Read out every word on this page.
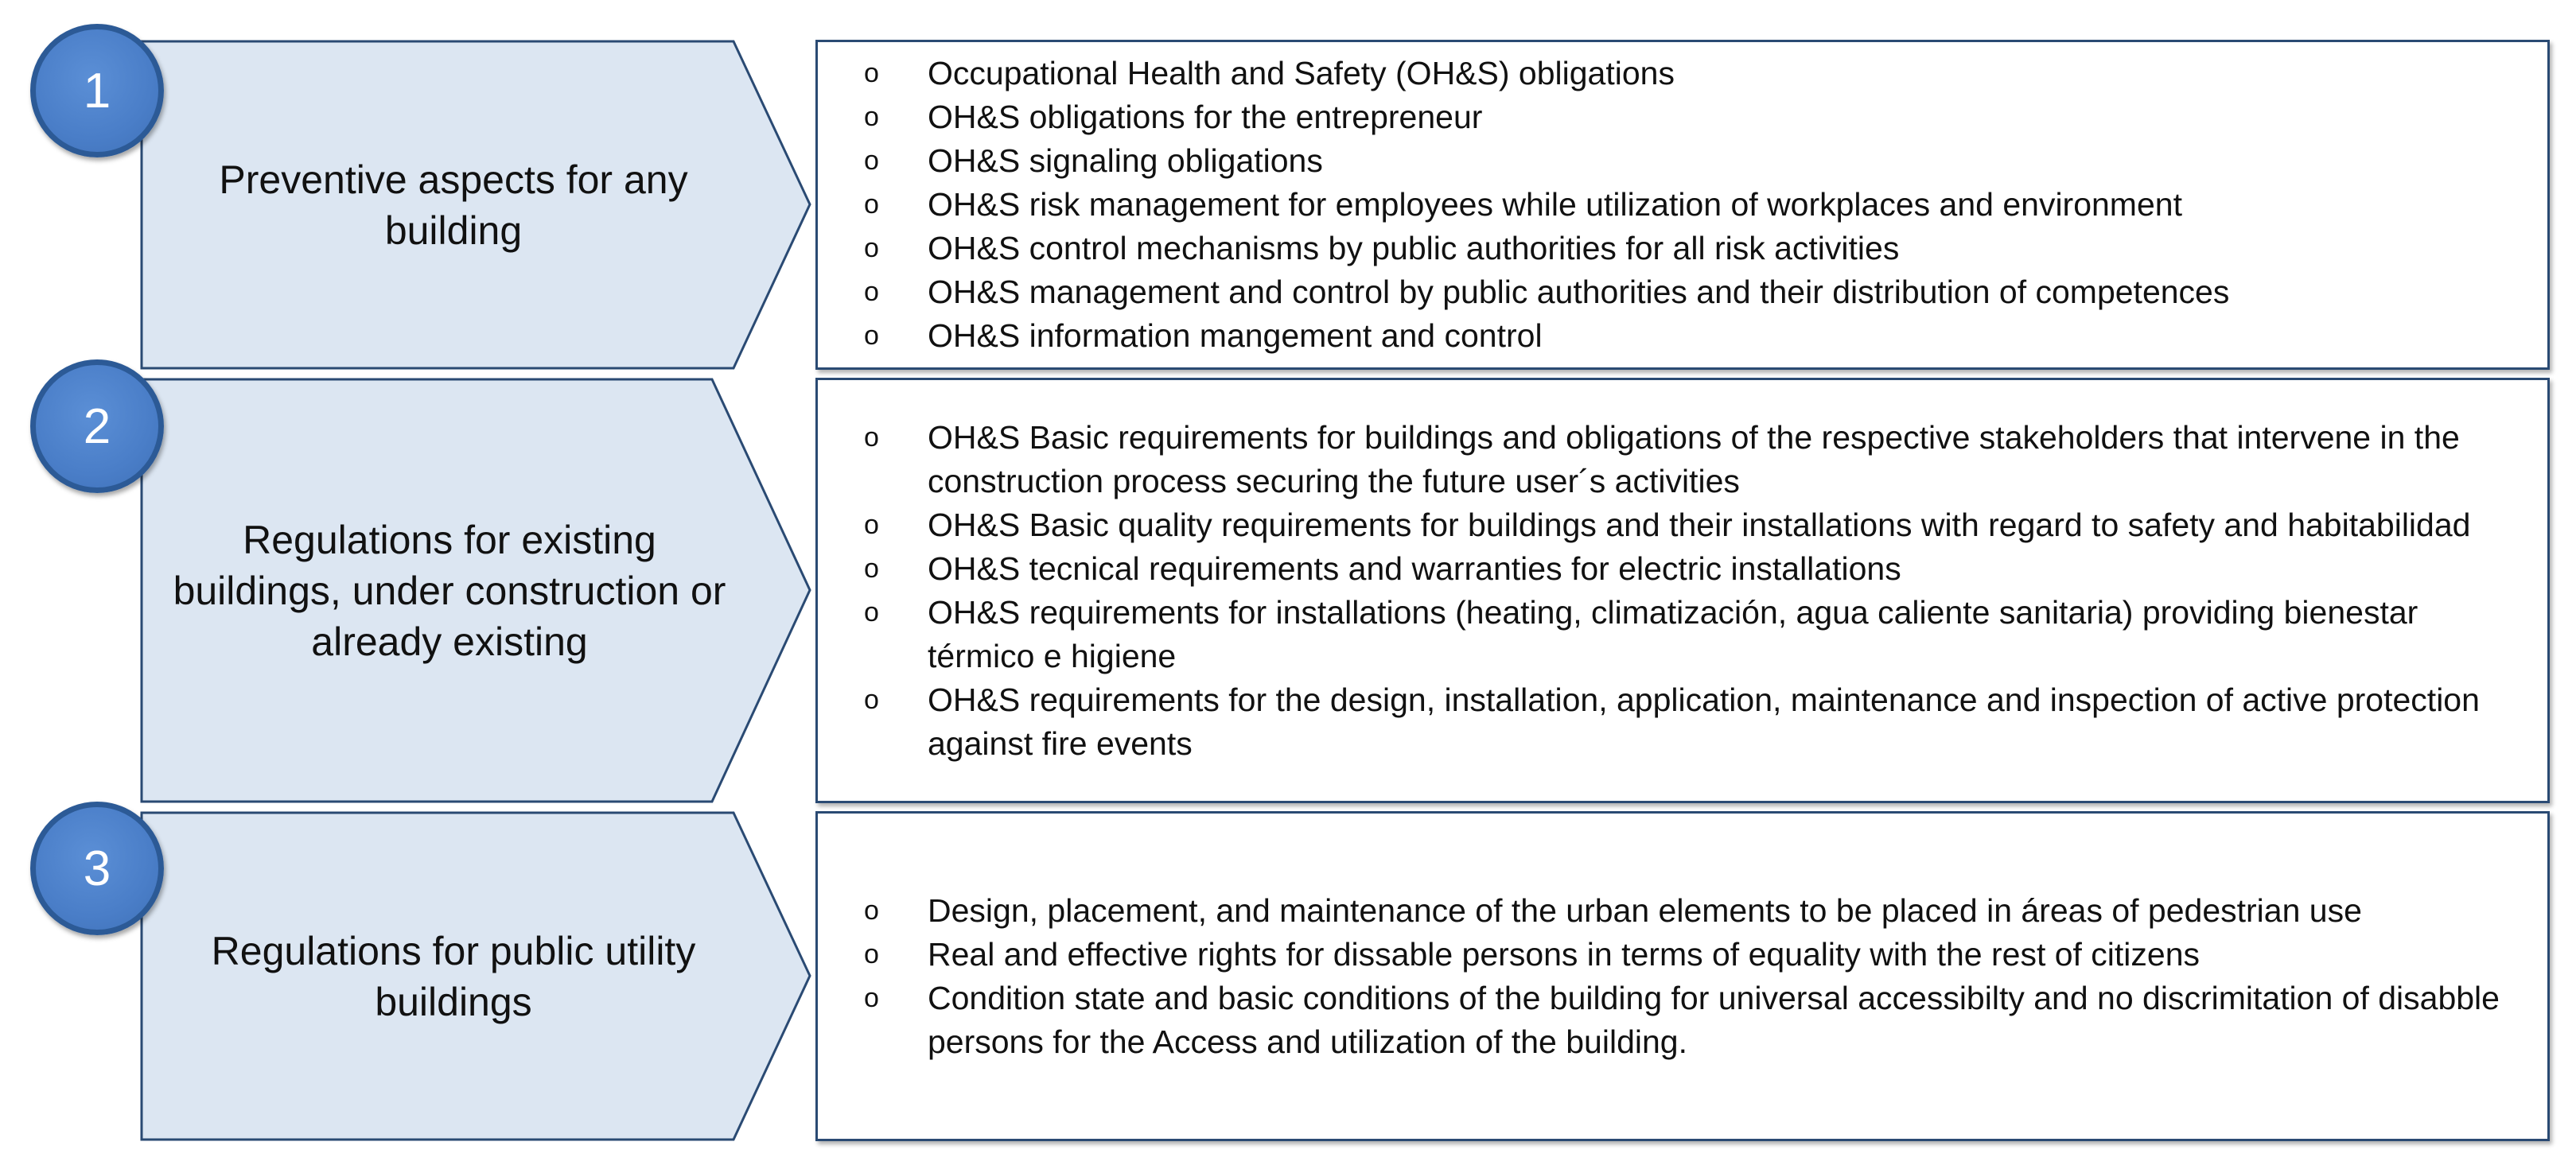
1
Preventive aspects for any building
o Occupational Health and Safety (OH&S) obligations
o OH&S obligations for the entrepreneur
o OH&S signaling obligations
o OH&S risk management for employees while utilization of workplaces and environment
o OH&S control mechanisms by public authorities for all risk activities
o OH&S management and control by public authorities and their distribution of competences
o OH&S information mangement and control
2
Regulations for existing buildings, under construction or already existing
o OH&S Basic requirements for buildings and obligations of the respective stakeholders that intervene in the construction process securing the future user´s activities
o OH&S Basic quality requirements for buildings and their installations with regard to safety and habitabilidad
o OH&S tecnical requirements and warranties for electric installations
o OH&S requirements for installations (heating, climatización, agua caliente sanitaria) providing bienestar térmico e higiene
o OH&S requirements for the design, installation, application, maintenance and inspection of active protection against fire events
3
Regulations for public utility buildings
o Design, placement, and maintenance of the urban elements to be placed in áreas of pedestrian use
o Real and effective rights for dissable persons in terms of equality with the rest of citizens
o Condition state and basic conditions of the building for universal accessibilty and no discrimitation of disabble persons for the Access and utilization of the building.
